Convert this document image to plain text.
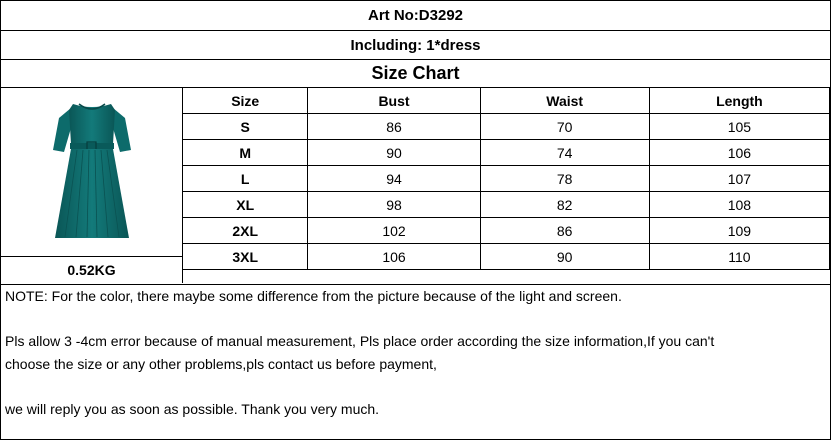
Art No:D3292
Including: 1*dress
Size Chart
0.52KG
Size	Bust	Waist	Length
S	86	70	105
M	90	74	106
L	94	78	107
XL	98	82	108
2XL	102	86	109
3XL	106	90	110

NOTE: For the color, there maybe some difference from the picture because of the light and screen.

Pls allow 3 -4cm error because of manual measurement, Pls place order according the size information,If you can't
choose the size or any other problems,pls contact us before payment,

we will reply you as soon as possible. Thank you very much.
